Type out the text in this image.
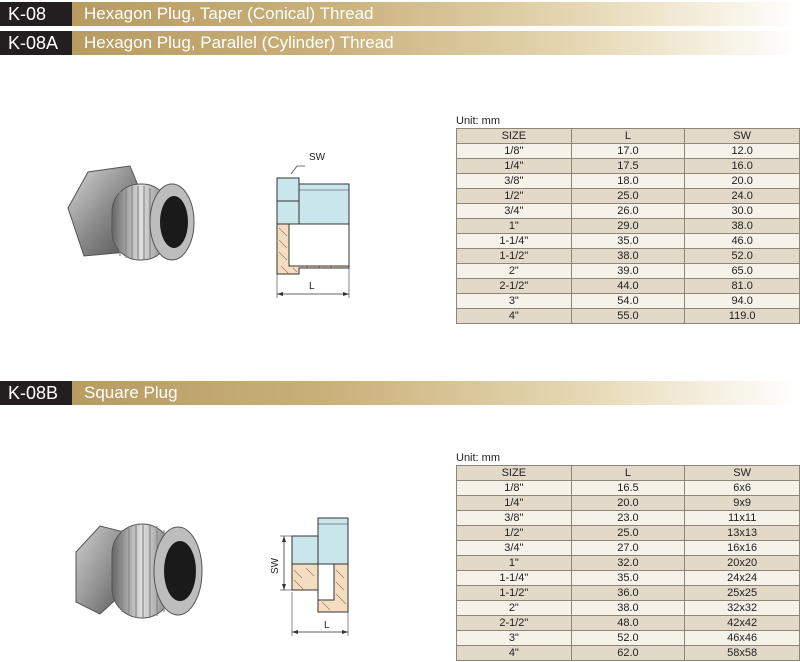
K-08	Hexagon Plug, Taper (Conical) Thread
K-08A	Hexagon Plug, Parallel (Cylinder) Thread
K-08B	Square Plug
SW
L
Unit: mm
SIZE	L	SW
1/8"	17.0	12.0
1/4"	17.5	16.0
3/8"	18.0	20.0
1/2"	25.0	24.0
3/4"	26.0	30.0
1"	29.0	38.0
1-1/4"	35.0	46.0
1-1/2"	38.0	52.0
2"	39.0	65.0
2-1/2"	44.0	81.0
3"	54.0	94.0
4"	55.0	119.0
SW
L
Unit: mm
SIZE	L	SW
1/8"	16.5	6x6
1/4"	20.0	9x9
3/8"	23.0	11x11
1/2"	25.0	13x13
3/4"	27.0	16x16
1"	32.0	20x20
1-1/4"	35.0	24x24
1-1/2"	36.0	25x25
2"	38.0	32x32
2-1/2"	48.0	42x42
3"	52.0	46x46
4"	62.0	58x58
